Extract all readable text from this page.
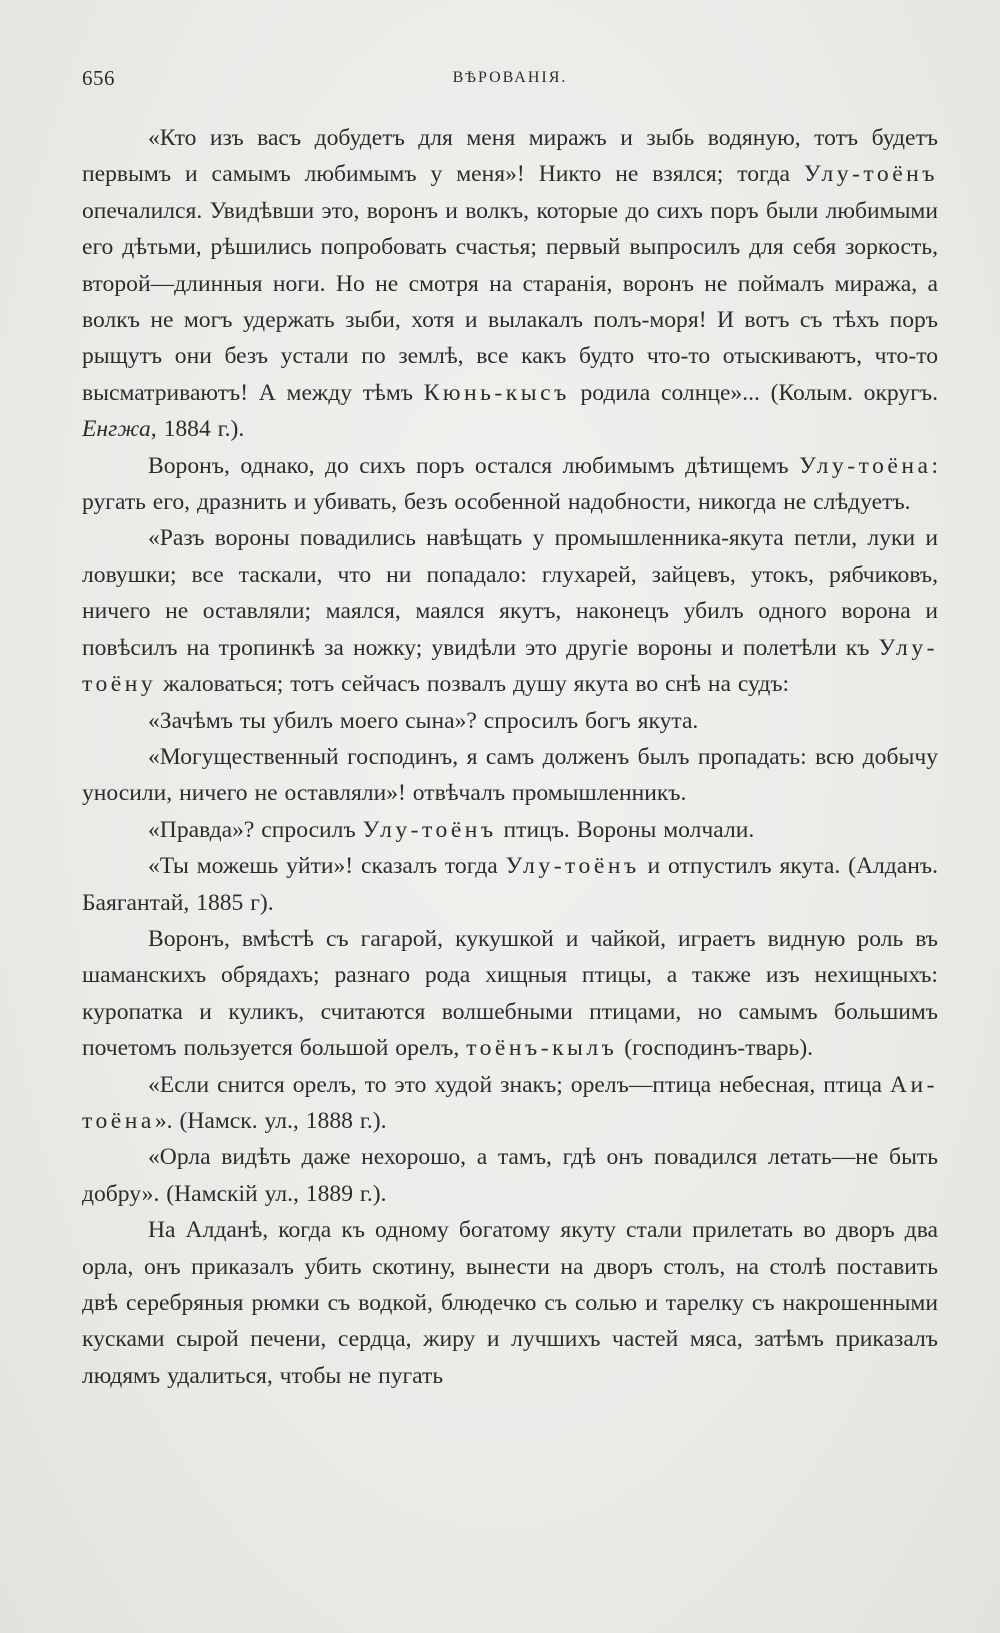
656	ВѢРОВАНІЯ.

«Кто изъ васъ добудетъ для меня миражъ и зыбь водяную, тотъ будетъ первымъ и самымъ любимымъ у меня»! Никто не взялся; тогда Улу-тоёнъ опечалился. Увидѣвши это, воронъ и волкъ, которые до сихъ поръ были любимыми его дѣтьми, рѣшились попробовать счастья; первый выпросилъ для себя зоркость, второй—длинныя ноги. Но не смотря на старанія, воронъ не поймалъ миража, а волкъ не могъ удержать зыби, хотя и вылакалъ полъ-моря! И вотъ съ тѣхъ поръ рыщутъ они безъ устали по землѣ, все какъ будто что-то отыскиваютъ, что-то высматриваютъ! А между тѣмъ Кюнь-кысъ родила солнце»... (Колым. округъ. Енгжа, 1884 г.).

Воронъ, однако, до сихъ поръ остался любимымъ дѣтищемъ Улу-тоёна: ругать его, дразнить и убивать, безъ особенной надобности, никогда не слѣдуетъ.

«Разъ вороны повадились навѣщать у промышленника-якута петли, луки и ловушки; все таскали, что ни попадало: глухарей, зайцевъ, утокъ, рябчиковъ, ничего не оставляли; маялся, маялся якутъ, наконецъ убилъ одного ворона и повѣсилъ на тропинкѣ за ножку; увидѣли это другіе вороны и полетѣли къ Улу-тоёну жаловаться; тотъ сейчасъ позвалъ душу якута во снѣ на судъ:

«Зачѣмъ ты убилъ моего сына»? спросилъ богъ якута.

«Могущественный господинъ, я самъ долженъ былъ пропадать: всю добычу уносили, ничего не оставляли»! отвѣчалъ промышленникъ.

«Правда»? спросилъ Улу-тоёнъ птицъ. Вороны молчали.

«Ты можешь уйти»! сказалъ тогда Улу-тоёнъ и отпустилъ якута. (Алданъ. Баягантай, 1885 г).

Воронъ, вмѣстѣ съ гагарой, кукушкой и чайкой, играетъ видную роль въ шаманскихъ обрядахъ; разнаго рода хищныя птицы, а также изъ нехищныхъ: куропатка и куликъ, считаются волшебными птицами, но самымъ большимъ почетомъ пользуется большой орелъ, тоёнъ-кылъ (господинъ-тварь).

«Если снится орелъ, то это худой знакъ; орелъ—птица небесная, птица Аи-тоёна». (Намск. ул., 1888 г.).

«Орла видѣть даже нехорошо, а тамъ, гдѣ онъ повадился летать—не быть добру». (Намскій ул., 1889 г.).

На Алданѣ, когда къ одному богатому якуту стали прилетать во дворъ два орла, онъ приказалъ убить скотину, вынести на дворъ столъ, на столѣ поставить двѣ серебряныя рюмки съ водкой, блюдечко съ солью и тарелку съ накрошенными кусками сырой печени, сердца, жиру и лучшихъ частей мяса, затѣмъ приказалъ людямъ удалиться, чтобы не пугать
